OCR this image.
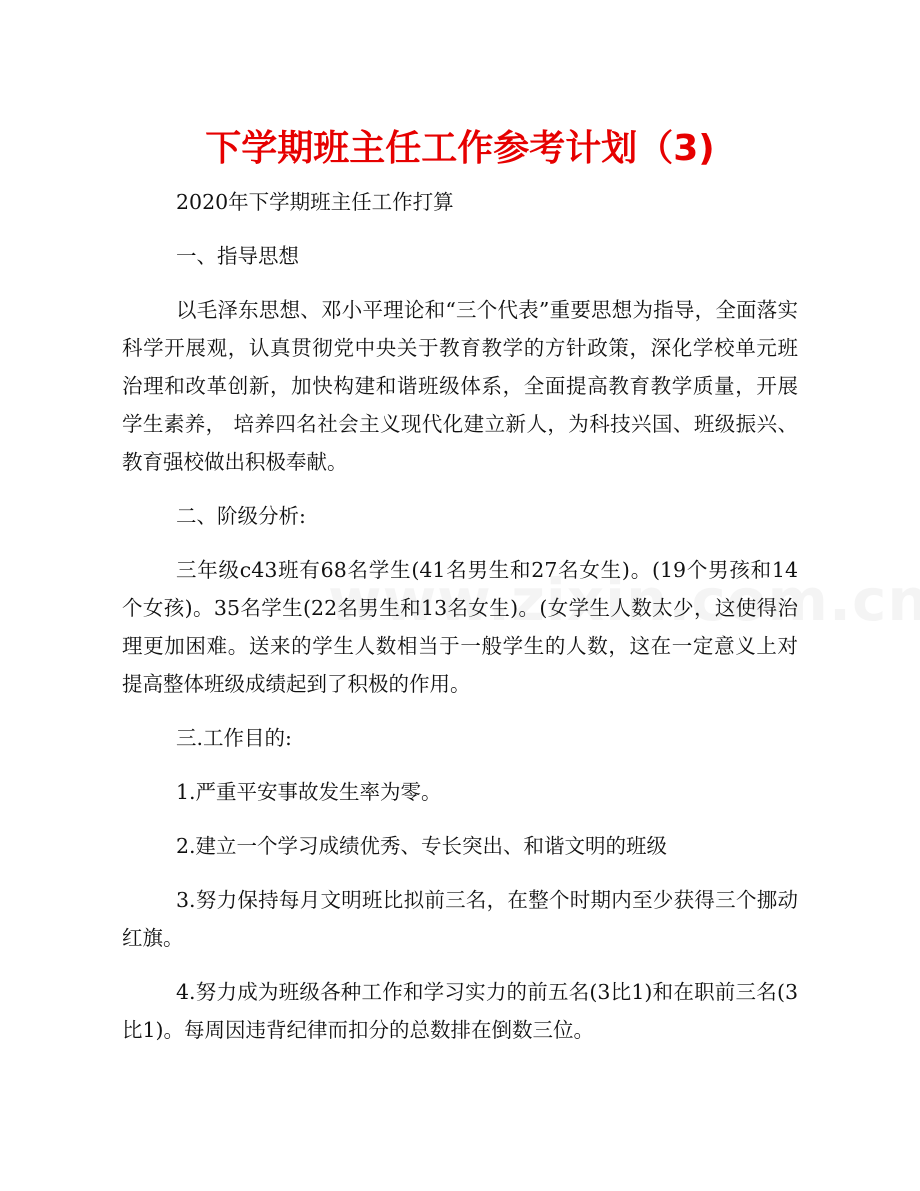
下学期班主任工作参考计划（3)

2020年下学期班主任工作打算

一、指导思想

以毛泽东思想、邓小平理论和“三个代表”重要思想为指导，全面落实科学开展观，认真贯彻党中央关于教育教学的方针政策，深化学校单元班治理和改革创新，加快构建和谐班级体系，全面提高教育教学质量，开展学生素养， 培养四名社会主义现代化建立新人，为科技兴国、班级振兴、教育强校做出积极奉献。

二、阶级分析:

三年级c43班有68名学生(41名男生和27名女生)。(19个男孩和14个女孩)。35名学生(22名男生和13名女生)。(女学生人数太少，这使得治理更加困难。送来的学生人数相当于一般学生的人数，这在一定意义上对提高整体班级成绩起到了积极的作用。

三.工作目的:

1.严重平安事故发生率为零。

2.建立一个学习成绩优秀、专长突出、和谐文明的班级

3.努力保持每月文明班比拟前三名，在整个时期内至少获得三个挪动红旗。

4.努力成为班级各种工作和学习实力的前五名(3比1)和在职前三名(3比1)。每周因违背纪律而扣分的总数排在倒数三位。
